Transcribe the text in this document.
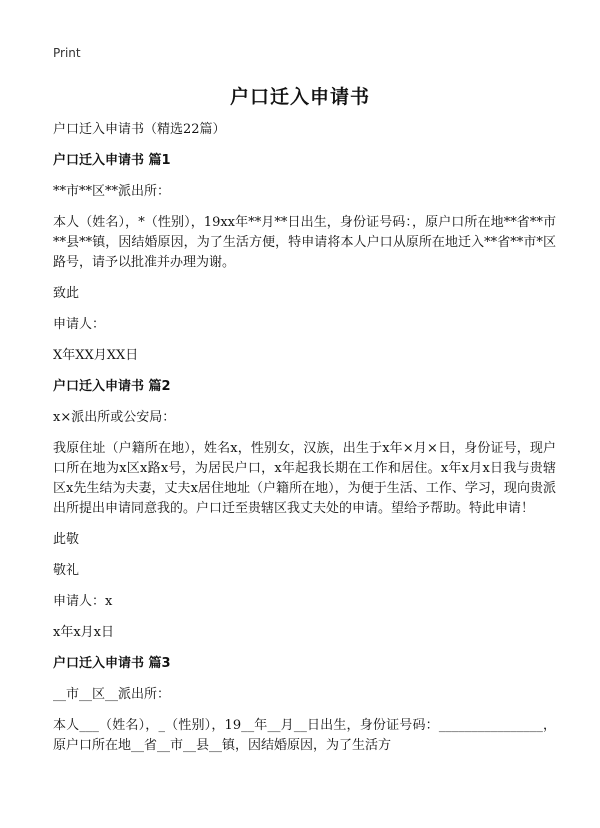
Print
户口迁入申请书

户口迁入申请书（精选22篇）

户口迁入申请书 篇1

**市**区**派出所：

本人（姓名），*（性别），19xx年**月**日出生，身份证号码：，原户口所在地**省**市**县**镇，因结婚原因，为了生活方便，特申请将本人户口从原所在地迁入**省**市*区路号，请予以批准并办理为谢。

致此

申请人：

X年XX月XX日

户口迁入申请书 篇2

x×派出所或公安局：

我原住址（户籍所在地），姓名x，性别女，汉族，出生于x年×月×日，身份证号，现户口所在地为x区x路x号，为居民户口，x年起我长期在工作和居住。x年x月x日我与贵辖区x先生结为夫妻，丈夫x居住地址（户籍所在地），为便于生活、工作、学习，现向贵派出所提出申请同意我的。户口迁至贵辖区我丈夫处的申请。望给予帮助。特此申请！

此敬

敬礼

申请人：x

x年x月x日

户口迁入申请书 篇3

__市__区__派出所：

本人___（姓名），_（性别），19__年__月__日出生，身份证号码：________________，原户口所在地__省__市__县__镇，因结婚原因，为了生活方
